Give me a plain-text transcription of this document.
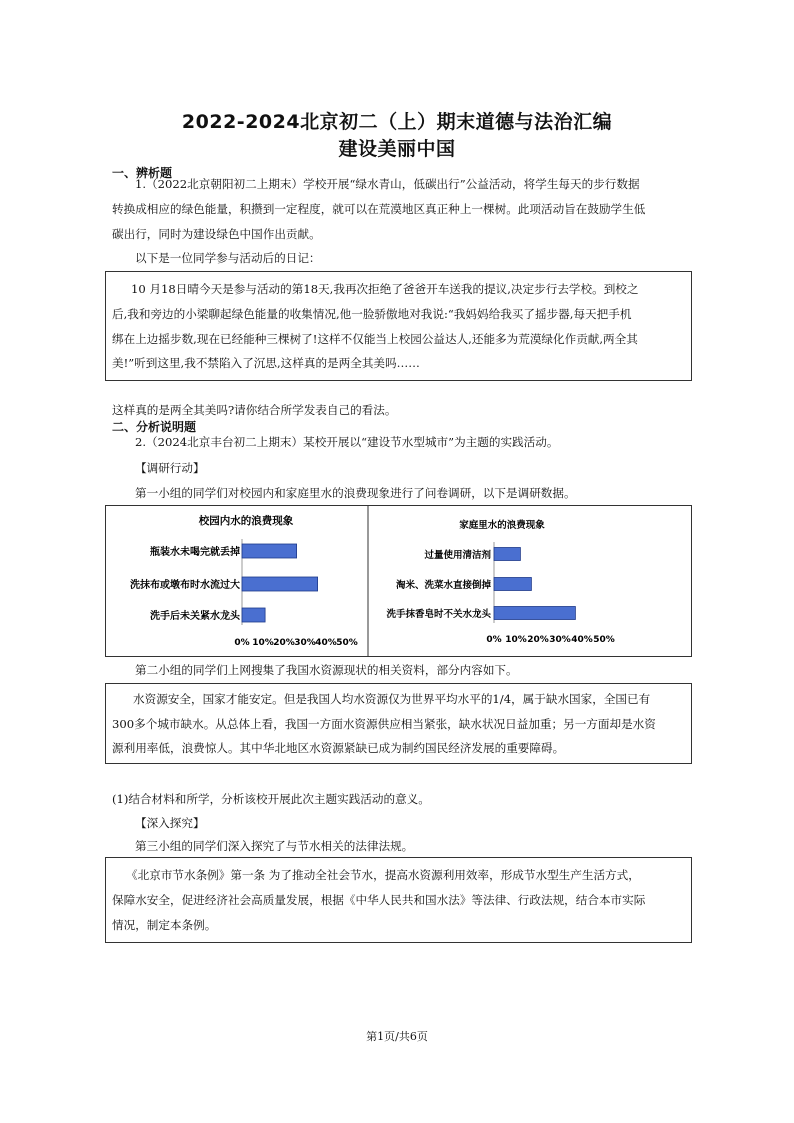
2022-2024北京初二（上）期末道德与法治汇编
建设美丽中国
一、辨析题
1.（2022北京朝阳初二上期末）学校开展“绿水青山，低碳出行”公益活动，将学生每天的步行数据
转换成相应的绿色能量，积攒到一定程度，就可以在荒漠地区真正种上一棵树。此项活动旨在鼓励学生低
碳出行，同时为建设绿色中国作出贡献。
以下是一位同学参与活动后的日记：
10 月18日晴今天是参与活动的第18天,我再次拒绝了爸爸开车送我的提议,决定步行去学校。到校之
后,我和旁边的小梁聊起绿色能量的收集情况,他一脸骄傲地对我说:“我妈妈给我买了摇步器,每天把手机
绑在上边摇步数,现在已经能种三棵树了!这样不仅能当上校园公益达人,还能多为荒漠绿化作贡献,两全其
美!”听到这里,我不禁陷入了沉思,这样真的是两全其美吗……
这样真的是两全其美吗?请你结合所学发表自己的看法。
二、分析说明题
2.（2024北京丰台初二上期末）某校开展以“建设节水型城市”为主题的实践活动。
【调研行动】
第一小组的同学们对校园内和家庭里水的浪费现象进行了问卷调研，以下是调研数据。
校园内水的浪费现象
瓶装水未喝完就丢掉
洗抹布或墩布时水流过大
洗手后未关紧水龙头
0% 10% 20% 30% 40% 50%
家庭里水的浪费现象
过量使用清洁剂
淘米、洗菜水直接倒掉
洗手抹香皂时不关水龙头
0% 10% 20% 30% 40% 50%
第二小组的同学们上网搜集了我国水资源现状的相关资料，部分内容如下。
水资源安全，国家才能安定。但是我国人均水资源仅为世界平均水平的1/4，属于缺水国家，全国已有
300多个城市缺水。从总体上看，我国一方面水资源供应相当紧张，缺水状况日益加重；另一方面却是水资
源利用率低，浪费惊人。其中华北地区水资源紧缺已成为制约国民经济发展的重要障碍。
(1)结合材料和所学，分析该校开展此次主题实践活动的意义。
【深入探究】
第三小组的同学们深入探究了与节水相关的法律法规。
《北京市节水条例》第一条 为了推动全社会节水，提高水资源利用效率，形成节水型生产生活方式，
保障水安全，促进经济社会高质量发展，根据《中华人民共和国水法》等法律、行政法规，结合本市实际
情况，制定本条例。
第1页/共6页
